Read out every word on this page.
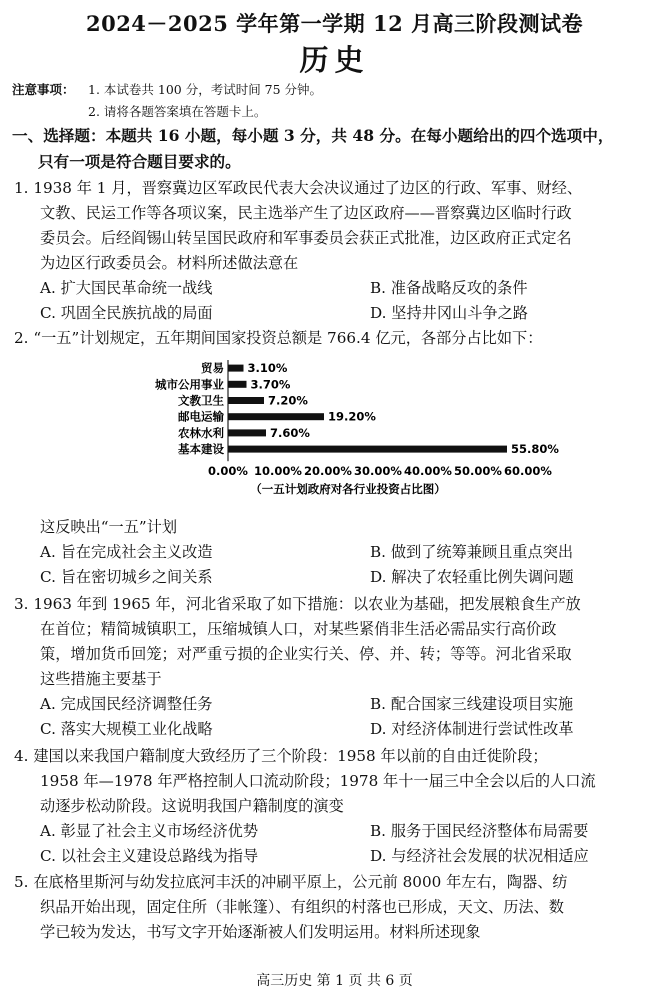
2024－2025 学年第一学期 12 月高三阶段测试卷
历史
注意事项： 1. 本试卷共 100 分，考试时间 75 分钟。
2. 请将各题答案填在答题卡上。
一、选择题：本题共 16 小题，每小题 3 分，共 48 分。在每小题给出的四个选项中，
只有一项是符合题目要求的。
1. 1938 年 1 月，晋察冀边区军政民代表大会决议通过了边区的行政、军事、财经、
文教、民运工作等各项议案，民主选举产生了边区政府——晋察冀边区临时行政
委员会。后经阎锡山转呈国民政府和军事委员会获正式批准，边区政府正式定名
为边区行政委员会。材料所述做法意在
A. 扩大国民革命统一战线	B. 准备战略反攻的条件
C. 巩固全民族抗战的局面	D. 坚持井冈山斗争之路
2. “一五”计划规定，五年期间国家投资总额是 766.4 亿元，各部分占比如下：
贸易 3.10%
城市公用事业 3.70%
文教卫生	7.20%
邮电运输	19.20%
农林水利	7.60%
基本建设	55.80%
0.00% 10.00% 20.00% 30.00% 40.00% 50.00% 60.00%
（一五计划政府对各行业投资占比图）
这反映出“一五”计划
A. 旨在完成社会主义改造	B. 做到了统筹兼顾且重点突出
C. 旨在密切城乡之间关系	D. 解决了农轻重比例失调问题
3. 1963 年到 1965 年，河北省采取了如下措施：以农业为基础，把发展粮食生产放
在首位；精简城镇职工，压缩城镇人口，对某些紧俏非生活必需品实行高价政
策，增加货币回笼；对严重亏损的企业实行关、停、并、转；等等。河北省采取
这些措施主要基于
A. 完成国民经济调整任务	B. 配合国家三线建设项目实施
C. 落实大规模工业化战略	D. 对经济体制进行尝试性改革
4. 建国以来我国户籍制度大致经历了三个阶段：1958 年以前的自由迁徙阶段；
1958 年—1978 年严格控制人口流动阶段；1978 年十一届三中全会以后的人口流
动逐步松动阶段。这说明我国户籍制度的演变
A. 彰显了社会主义市场经济优势	B. 服务于国民经济整体布局需要
C. 以社会主义建设总路线为指导	D. 与经济社会发展的状况相适应
5. 在底格里斯河与幼发拉底河丰沃的冲刷平原上，公元前 8000 年左右，陶器、纺
织品开始出现，固定住所（非帐篷）、有组织的村落也已形成，天文、历法、数
学已较为发达，书写文字开始逐渐被人们发明运用。材料所述现象
高三历史 第 1 页 共 6 页
